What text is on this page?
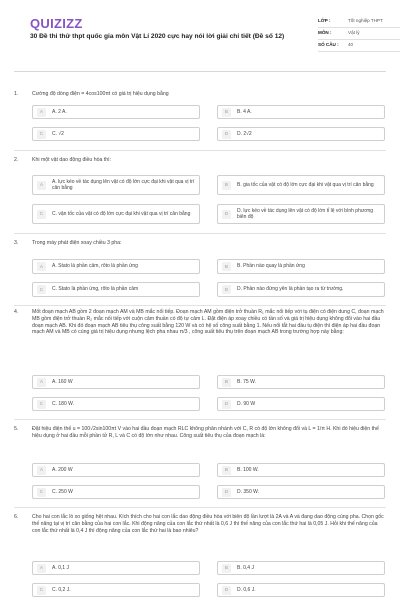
QUIZIZZ
30 Đề thi thử thpt quốc gia môn Vật Lí 2020 cực hay nói lời giải chi tiết (Đề số 12)
LỚP :	Tốt nghiệp THPT
MÔN :	Vật lý
SỐ CÂU :	40
1.	Cường độ dòng điện = 4cos100πt có giá trị hiệu dụng bằng
A	A. 2 A.	B	B. 4 A.
C	C. √2	D	D. 2√2
2.	Khi một vật dao động điều hòa thì:
A
A. lực kéo về tác dụng lên vật có độ lớn cực đại khi vật qua vị trí cân bằng
B	B. gia tốc của vật có độ lớn cực đại khi vật qua vị trí cân bằng
C	C. vận tốc của vật có độ lớn cực đại khi vật qua vị trí cân bằng	D
D. lực kéo về tác dụng lên vật có độ lớn tỉ lệ với bình phương biên độ
3.	Trong máy phát điện xoay chiều 3 pha:
A	A. Stato là phần cảm, rôto là phần ứng	B	B. Phần nào quay là phần ứng
C	C. Stato là phần ứng, rôto là phần cảm	D	D. Phần nào đứng yên là phần tạo ra từ trường.
4.	Mốt đoạn mạch AB gồm 2 đoạn mạch AM và MB mắc nối tiếp. Đoạn mạch AM gồm điện trở thuần R₁ mắc nối tiếp với tụ điện có điện dung C, đoạn mạch MB gồm điện trở thuần R₂ mắc nối tiếp với cuộn cảm thuần có độ tự cảm L. Đặt điện áp xoay chiều có tần số và giá trị hiệu dụng không đổi vào hai đầu đoạn mạch AB. Khi đó đoạn mạch AB tiêu thụ công suất bằng 120 W và có hệ số công suất bằng 1. Nếu nối tắt hai đầu tụ điện thì điện áp hai đầu đoạn mạch AM và MB có cùng giá trị hiệu dụng nhưng lệch pha nhau π/3 , công suất tiêu thụ trên đoạn mạch AB trong trường hợp này bằng:
A	A. 160 W	B	B. 75 W.
C	C. 180 W.	D	D. 90 W
5.	Đặt hiệu điện thế u = 100√2sin100πt V vào hai đầu đoạn mạch RLC không phân nhánh với C, R có độ lớn không đổi và L = 1/π H. Khi đó hiệu điện thế hiệu dụng ở hai đầu mỗi phần tử R, L và C có độ lớn như nhau. Công suất tiêu thụ của đoạn mạch là:
A	A. 200 W	B	B. 100 W.
C	C. 250 W	D	D. 350 W.
6.	Cho hai con lắc lò xo giống hệt nhau. Kích thích cho hai con lắc dao động điều hòa với biên độ lần lượt là 2A và A và đang dao động cùng pha. Chọn gốc thế năng tại vị trí cân bằng của hai con lắc. Khi động năng của con lắc thứ nhất là 0,6 J thì thế năng của con lắc thứ hai là 0,05 J. Hỏi khi thế năng của con lắc thứ nhất là 0,4 J thì động năng của con lắc thứ hai là bao nhiêu?
A	A. 0,1 J	B	B. 0,4 J
C	C. 0,2 J.	D	D. 0,6 J.
